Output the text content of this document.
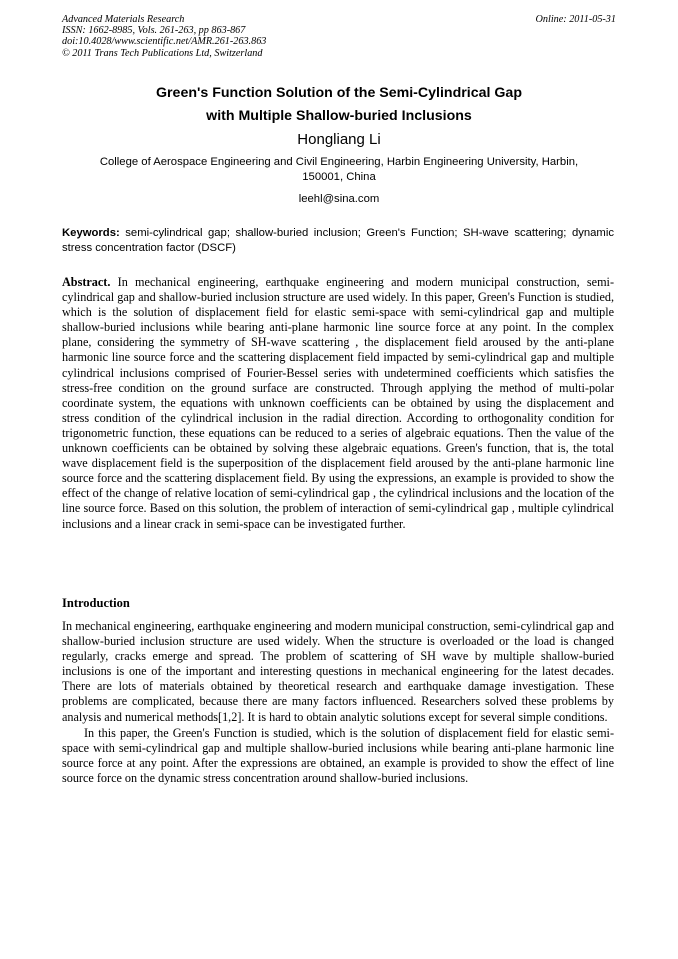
Advanced Materials Research
ISSN: 1662-8985, Vols. 261-263, pp 863-867
doi:10.4028/www.scientific.net/AMR.261-263.863
© 2011 Trans Tech Publications Ltd, Switzerland
Online: 2011-05-31
Green's Function Solution of the Semi-Cylindrical Gap
with Multiple Shallow-buried Inclusions
Hongliang Li
College of Aerospace Engineering and Civil Engineering, Harbin Engineering University, Harbin,
150001, China
leehl@sina.com
Keywords: semi-cylindrical gap; shallow-buried inclusion; Green's Function; SH-wave scattering; dynamic stress concentration factor (DSCF)
Abstract. In mechanical engineering, earthquake engineering and modern municipal construction, semi-cylindrical gap and shallow-buried inclusion structure are used widely. In this paper, Green's Function is studied, which is the solution of displacement field for elastic semi-space with semi-cylindrical gap and multiple shallow-buried inclusions while bearing anti-plane harmonic line source force at any point. In the complex plane, considering the symmetry of SH-wave scattering , the displacement field aroused by the anti-plane harmonic line source force and the scattering displacement field impacted by semi-cylindrical gap and multiple cylindrical inclusions comprised of Fourier-Bessel series with undetermined coefficients which satisfies the stress-free condition on the ground surface are constructed. Through applying the method of multi-polar coordinate system, the equations with unknown coefficients can be obtained by using the displacement and stress condition of the cylindrical inclusion in the radial direction. According to orthogonality condition for trigonometric function, these equations can be reduced to a series of algebraic equations. Then the value of the unknown coefficients can be obtained by solving these algebraic equations. Green's function, that is, the total wave displacement field is the superposition of the displacement field aroused by the anti-plane harmonic line source force and the scattering displacement field. By using the expressions, an example is provided to show the effect of the change of relative location of semi-cylindrical gap , the cylindrical inclusions and the location of the line source force. Based on this solution, the problem of interaction of semi-cylindrical gap , multiple cylindrical inclusions and a linear crack in semi-space can be investigated further.
Introduction

In mechanical engineering, earthquake engineering and modern municipal construction, semi-cylindrical gap and shallow-buried inclusion structure are used widely. When the structure is overloaded or the load is changed regularly, cracks emerge and spread. The problem of scattering of SH wave by multiple shallow-buried inclusions is one of the important and interesting questions in mechanical engineering for the latest decades. There are lots of materials obtained by theoretical research and earthquake damage investigation. These problems are complicated, because there are many factors influenced. Researchers solved these problems by analysis and numerical methods[1,2]. It is hard to obtain analytic solutions except for several simple conditions.

In this paper, the Green's Function is studied, which is the solution of displacement field for elastic semi-space with semi-cylindrical gap and multiple shallow-buried inclusions while bearing anti-plane harmonic line source force at any point. After the expressions are obtained, an example is provided to show the effect of line source force on the dynamic stress concentration around shallow-buried inclusions.
